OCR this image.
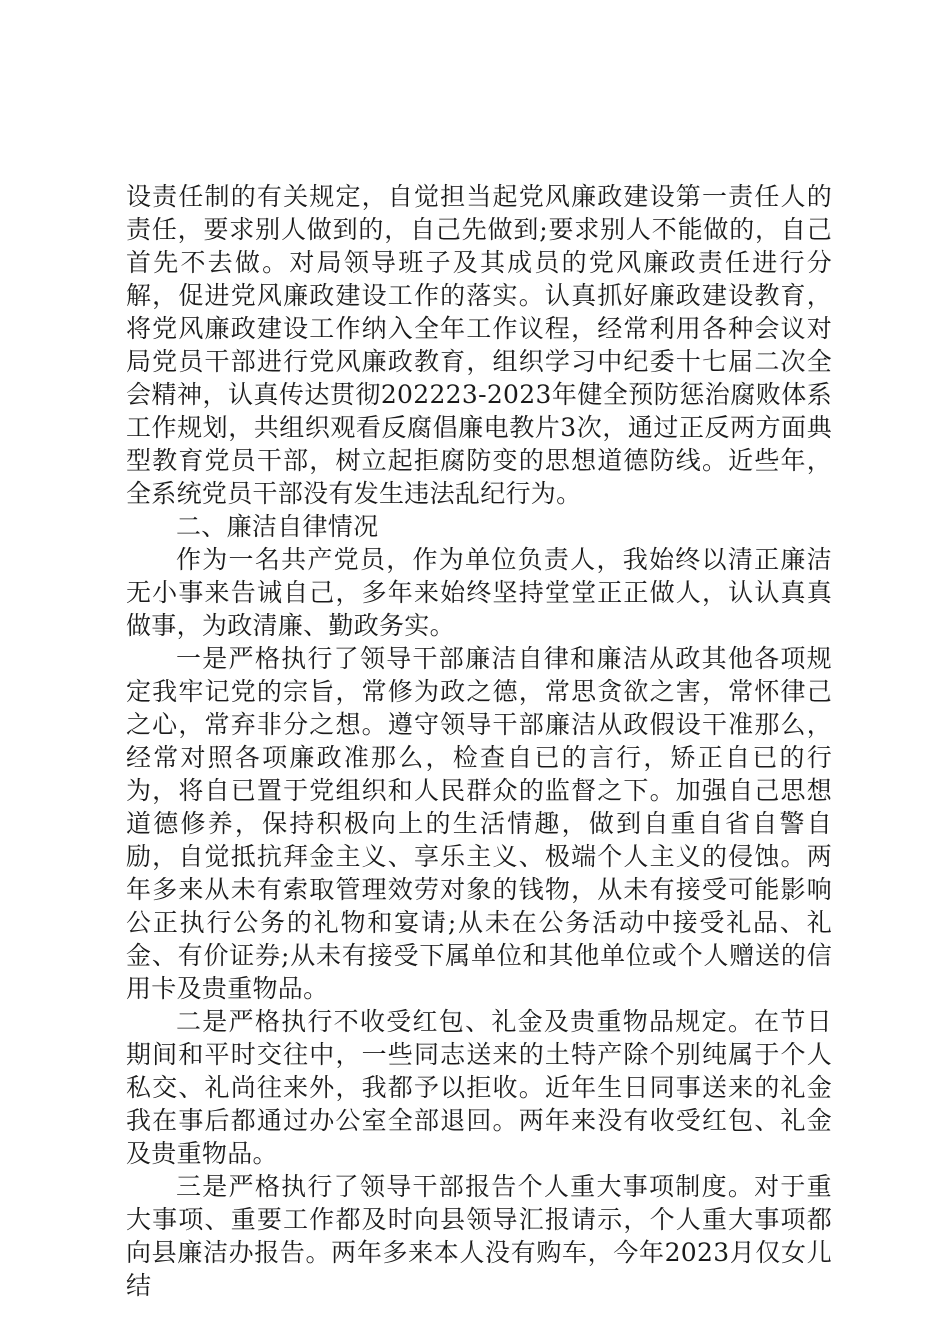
设责任制的有关规定，自觉担当起党风廉政建设第一责任人的责任，要求别人做到的，自己先做到;要求别人不能做的，自己首先不去做。对局领导班子及其成员的党风廉政责任进行分解，促进党风廉政建设工作的落实。认真抓好廉政建设教育，将党风廉政建设工作纳入全年工作议程，经常利用各种会议对局党员干部进行党风廉政教育，组织学习中纪委十七届二次全会精神，认真传达贯彻202223-2023年健全预防惩治腐败体系工作规划，共组织观看反腐倡廉电教片3次，通过正反两方面典型教育党员干部，树立起拒腐防变的思想道德防线。近些年，全系统党员干部没有发生违法乱纪行为。

二、廉洁自律情况

作为一名共产党员，作为单位负责人，我始终以清正廉洁无小事来告诫自己，多年来始终坚持堂堂正正做人，认认真真做事，为政清廉、勤政务实。

一是严格执行了领导干部廉洁自律和廉洁从政其他各项规定我牢记党的宗旨，常修为政之德，常思贪欲之害，常怀律己之心，常弃非分之想。遵守领导干部廉洁从政假设干准那么，经常对照各项廉政准那么，检查自已的言行，矫正自已的行为，将自已置于党组织和人民群众的监督之下。加强自己思想道德修养，保持积极向上的生活情趣，做到自重自省自警自励，自觉抵抗拜金主义、享乐主义、极端个人主义的侵蚀。两年多来从未有索取管理效劳对象的钱物，从未有接受可能影响公正执行公务的礼物和宴请;从未在公务活动中接受礼品、礼金、有价证券;从未有接受下属单位和其他单位或个人赠送的信用卡及贵重物品。

二是严格执行不收受红包、礼金及贵重物品规定。在节日期间和平时交往中，一些同志送来的土特产除个别纯属于个人私交、礼尚往来外，我都予以拒收。近年生日同事送来的礼金我在事后都通过办公室全部退回。两年来没有收受红包、礼金及贵重物品。

三是严格执行了领导干部报告个人重大事项制度。对于重大事项、重要工作都及时向县领导汇报请示，个人重大事项都向县廉洁办报告。两年多来本人没有购车，今年2023月仅女儿结
